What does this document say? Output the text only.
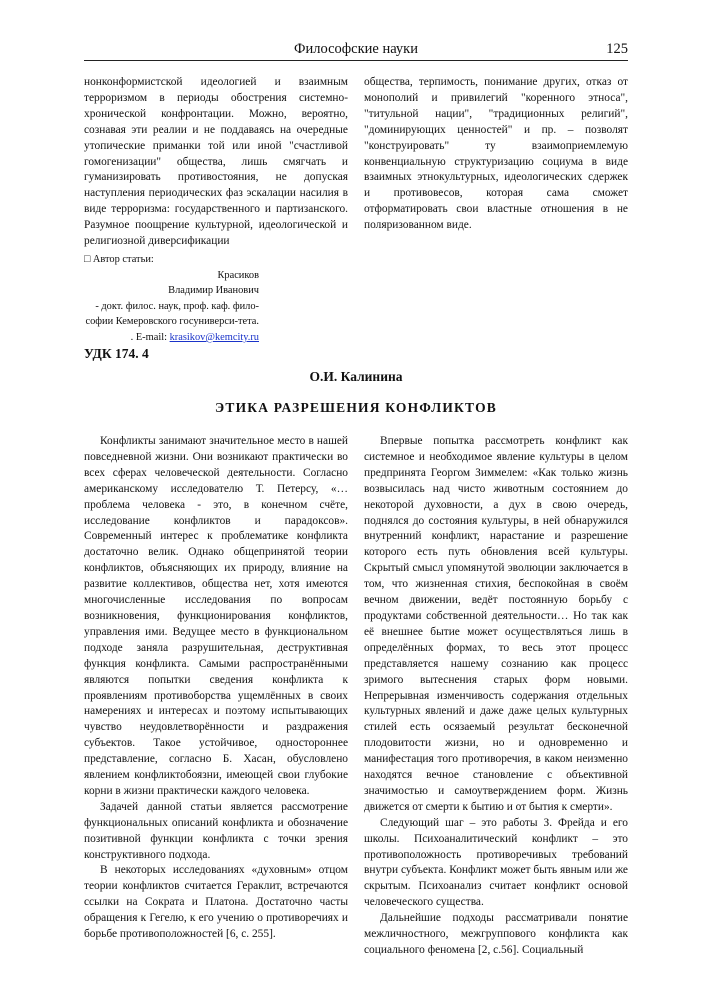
Философские науки	125

нонконформистской идеологией и взаимным терроризмом в периоды обострения системно-хронической конфронтации. Можно, вероятно, сознавая эти реалии и не поддаваясь на очередные утопические приманки той или иной "счастливой гомогенизации" общества, лишь смягчать и гуманизировать противостояния, не допуская наступления периодических фаз эскалации насилия в виде терроризма: государственного и партизанского. Разумное поощрение культурной, идеологической и религиозной диверсификации

общества, терпимость, понимание других, отказ от монополий и привилегий "коренного этноса", "титульной нации", "традиционных религий", "доминирующих ценностей" и пр. – позволят "конструировать" ту взаимоприемлемую конвенциальную структуризацию социума в виде взаимных этнокультурных, идеологических сдержек и противовесов, которая сама сможет отформатировать свои властные отношения в не поляризованном виде.

□ Автор статьи:
Красиков
Владимир Иванович
- докт. филос. наук, проф. каф. фило-софии Кемеровского госуниверси-тета. . E-mail: krasikov@kemcity.ru
УДК 174. 4
О.И. Калинина
ЭТИКА РАЗРЕШЕНИЯ КОНФЛИКТОВ

Конфликты занимают значительное место в нашей повседневной жизни. Они возникают практически во всех сферах человеческой деятельности. Согласно американскому исследователю Т. Петерсу, «… проблема человека - это, в конечном счёте, исследование конфликтов и парадоксов». Современный интерес к проблематике конфликта достаточно велик. Однако общепринятой теории конфликтов, объясняющих их природу, влияние на развитие коллективов, общества нет, хотя имеются многочисленные исследования по вопросам возникновения, функционирования конфликтов, управления ими. Ведущее место в функциональном подходе заняла разрушительная, деструктивная функция конфликта. Самыми распространёнными являются попытки сведения конфликта к проявлениям противоборства ущемлённых в своих намерениях и интересах и поэтому испытывающих чувство неудовлетворённости и раздражения субъектов. Такое устойчивое, одностороннее представление, согласно Б. Хасан, обусловлено явлением конфликтобоязни, имеющей свои глубокие корни в жизни практически каждого человека.

Задачей данной статьи является рассмотрение функциональных описаний конфликта и обозначение позитивной функции конфликта с точки зрения конструктивного подхода.

В некоторых исследованиях «духовным» отцом теории конфликтов считается Гераклит, встречаются ссылки на Сократа и Платона. Достаточно часты обращения к Гегелю, к его учению о противоречиях и борьбе противоположностей [6, с. 255].

Впервые попытка рассмотреть конфликт как системное и необходимое явление культуры в целом предпринята Георгом Зиммелем: «Как только жизнь возвысилась над чисто животным состоянием до некоторой духовности, а дух в свою очередь, поднялся до состояния культуры, в ней обнаружился внутренний конфликт, нарастание и разрешение которого есть путь обновления всей культуры. Скрытый смысл упомянутой эволюции заключается в том, что жизненная стихия, беспокойная в своём вечном движении, ведёт постоянную борьбу с продуктами собственной деятельности… Но так как её внешнее бытие может осуществляться лишь в определённых формах, то весь этот процесс представляется нашему сознанию как процесс зримого вытеснения старых форм новыми. Непрерывная изменчивость содержания отдельных культурных явлений и даже даже целых культурных стилей есть осязаемый результат бесконечной плодовитости жизни, но и одновременно и манифестация того противоречия, в каком неизменно находятся вечное становление с объективной значимостью и самоутверждением форм. Жизнь движется от смерти к бытию и от бытия к смерти».

Следующий шаг – это работы З. Фрейда и его школы. Психоаналитический конфликт – это противоположность противоречивых требований внутри субъекта. Конфликт может быть явным или же скрытым. Психоанализ считает конфликт основой человеческого существа.

Дальнейшие подходы рассматривали понятие межличностного, межгруппового конфликта как социального феномена [2, с.56]. Социальный
